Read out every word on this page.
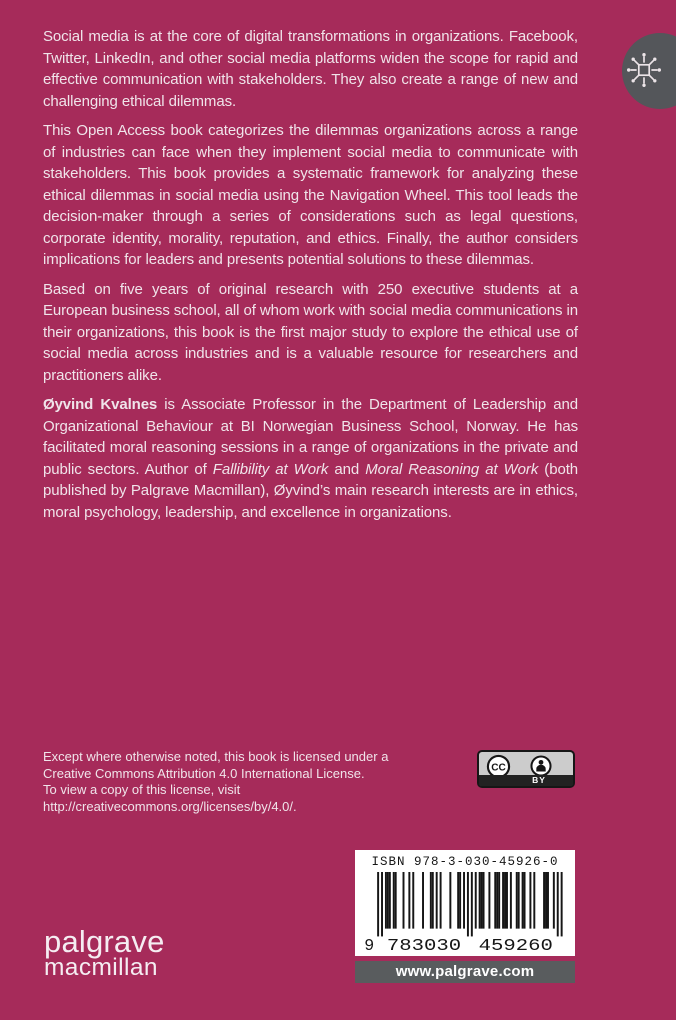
Social media is at the core of digital transformations in organizations. Facebook, Twitter, LinkedIn, and other social media platforms widen the scope for rapid and effective communication with stakeholders. They also create a range of new and challenging ethical dilemmas.

This Open Access book categorizes the dilemmas organizations across a range of industries can face when they implement social media to communicate with stakeholders. This book provides a systematic framework for analyzing these ethical dilemmas in social media using the Navigation Wheel. This tool leads the decision-maker through a series of considerations such as legal questions, corporate identity, morality, reputation, and ethics. Finally, the author considers implications for leaders and presents potential solutions to these dilemmas.

Based on five years of original research with 250 executive students at a European business school, all of whom work with social media communications in their organizations, this book is the first major study to explore the ethical use of social media across industries and is a valuable resource for researchers and practitioners alike.

Øyvind Kvalnes is Associate Professor in the Department of Leadership and Organizational Behaviour at BI Norwegian Business School, Norway. He has facilitated moral reasoning sessions in a range of organizations in the private and public sectors. Author of Fallibility at Work and Moral Reasoning at Work (both published by Palgrave Macmillan), Øyvind’s main research interests are in ethics, moral psychology, leadership, and excellence in organizations.

Except where otherwise noted, this book is licensed under a
Creative Commons Attribution 4.0 International License.
To view a copy of this license, visit
http://creativecommons.org/licenses/by/4.0/.
CC
BY
ISBN 978-3-030-45926-0
9 783030 459260
www.palgrave.com
palgrave
macmillan
